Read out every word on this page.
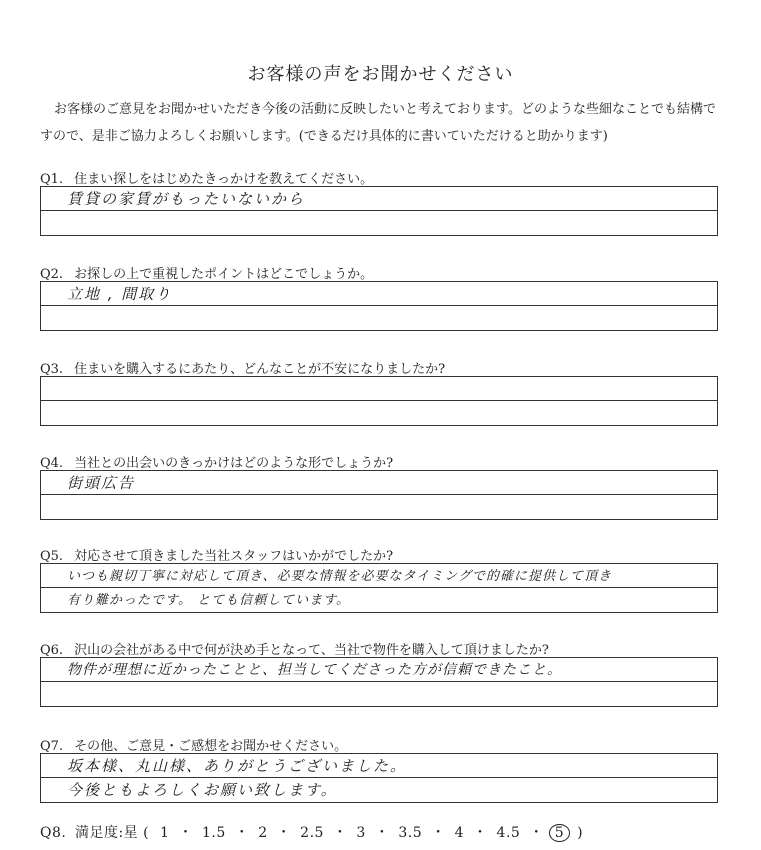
お客様の声をお聞かせください
お客様のご意見をお聞かせいただき今後の活動に反映したいと考えております。どのような些細なことでも結構ですので、是非ご協力よろしくお願いします。(できるだけ具体的に書いていただけると助かります)
Q1. 住まい探しをはじめたきっかけを教えてください。
賃貸の家賃がもったいないから
Q2. お探しの上で重視したポイントはどこでしょうか。
立地 , 間取り
Q3. 住まいを購入するにあたり、どんなことが不安になりましたか?
Q4. 当社との出会いのきっかけはどのような形でしょうか?
街頭広告
Q5. 対応させて頂きました当社スタッフはいかがでしたか?
いつも親切丁寧に対応して頂き、必要な情報を必要なタイミングで的確に提供して頂き
有り難かったです。 とても信頼しています。
Q6. 沢山の会社がある中で何が決め手となって、当社で物件を購入して頂けましたか?
物件が理想に近かったことと、担当してくださった方が信頼できたこと。
Q7. その他、ご意見・ご感想をお聞かせください。
坂本様、丸山様、ありがとうございました。
今後ともよろしくお願い致します。
Q8. 満足度:星 ( 1 ・ 1.5 ・ 2 ・ 2.5 ・ 3 ・ 3.5 ・ 4 ・ 4.5 ・ 5 )
